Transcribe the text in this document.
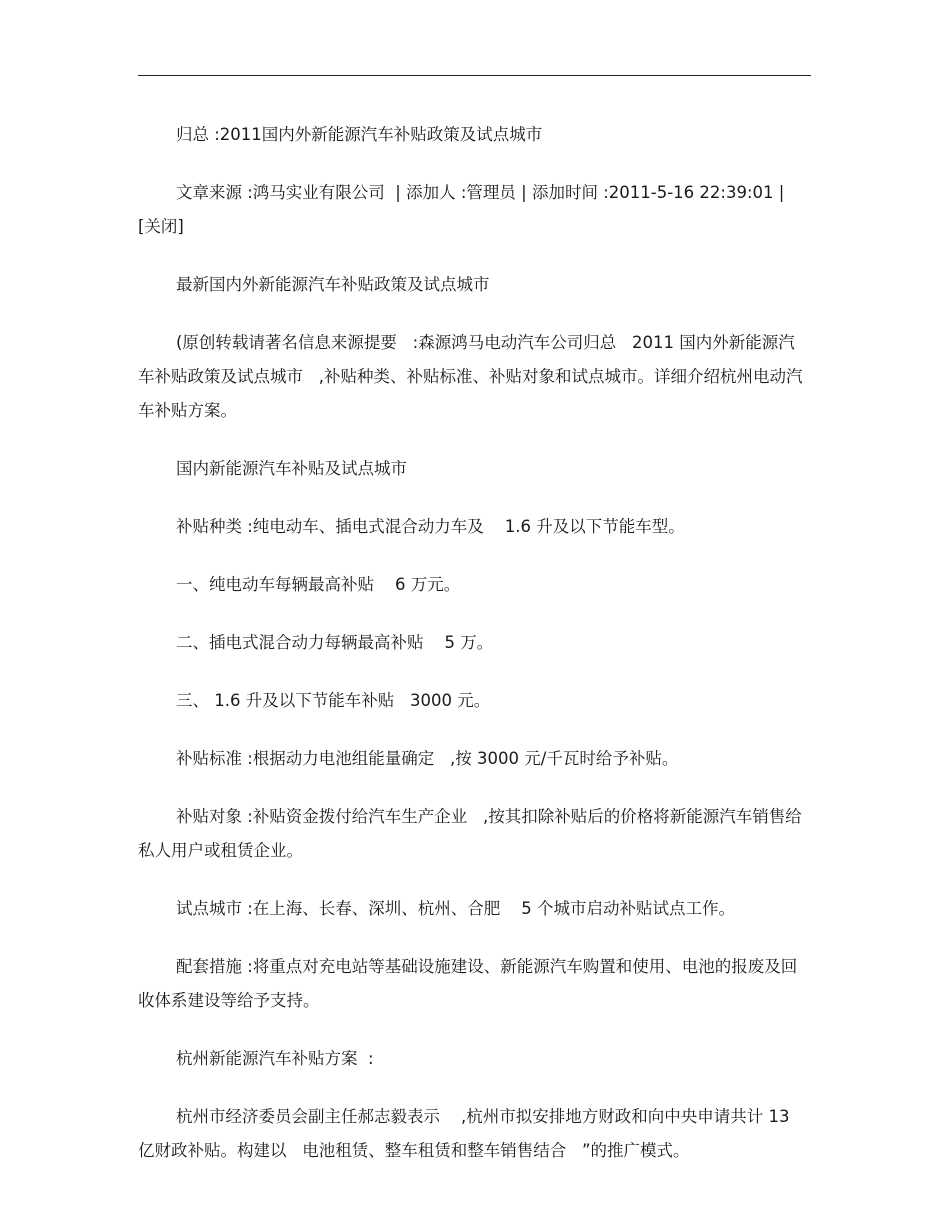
归总 :2011国内外新能源汽车补贴政策及试点城市

文章来源 :鸿马实业有限公司  | 添加人 :管理员 | 添加时间 :2011-5-16 22:39:01 | [关闭]

最新国内外新能源汽车补贴政策及试点城市

(原创转载请著名信息来源提要   :森源鸿马电动汽车公司归总   2011 国内外新能源汽车补贴政策及试点城市   ,补贴种类、补贴标准、补贴对象和试点城市。详细介绍杭州电动汽车补贴方案。

国内新能源汽车补贴及试点城市

补贴种类 :纯电动车、插电式混合动力车及    1.6 升及以下节能车型。

一、纯电动车每辆最高补贴    6 万元。

二、插电式混合动力每辆最高补贴    5 万。

三、 1.6 升及以下节能车补贴   3000 元。

补贴标准 :根据动力电池组能量确定   ,按 3000 元/千瓦时给予补贴。

补贴对象 :补贴资金拨付给汽车生产企业   ,按其扣除补贴后的价格将新能源汽车销售给私人用户或租赁企业。

试点城市 :在上海、长春、深圳、杭州、合肥    5 个城市启动补贴试点工作。

配套措施 :将重点对充电站等基础设施建设、新能源汽车购置和使用、电池的报废及回收体系建设等给予支持。

杭州新能源汽车补贴方案  :

杭州市经济委员会副主任郝志毅表示    ,杭州市拟安排地方财政和向中央申请共计 13 亿财政补贴。构建以   电池租赁、整车租赁和整车销售结合   ”的推广模式。
